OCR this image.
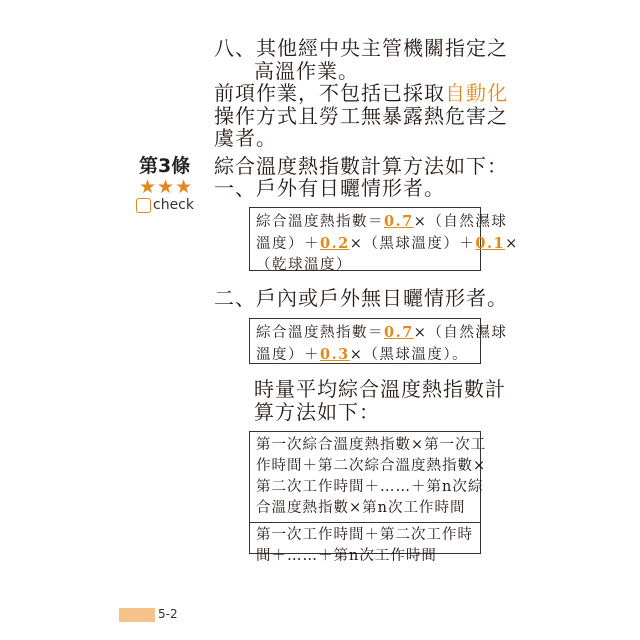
八、其他經中央主管機關指定之
高溫作業。
前項作業，不包括已採取自動化
操作方式且勞工無暴露熱危害之
虞者。
第3條
★★★
check
綜合溫度熱指數計算方法如下：
一、戶外有日曬情形者。
綜合溫度熱指數＝0.7×（自然濕球
溫度）＋0.2×（黑球溫度）＋0.1×
（乾球溫度）
二、戶內或戶外無日曬情形者。
綜合溫度熱指數＝0.7×（自然濕球
溫度）＋0.3×（黑球溫度）。
時量平均綜合溫度熱指數計
算方法如下：
第一次綜合溫度熱指數×第一次工
作時間＋第二次綜合溫度熱指數×
第二次工作時間＋……＋第n次綜
合溫度熱指數×第n次工作時間
第一次工作時間＋第二次工作時
間＋……＋第n次工作時間
5-2
